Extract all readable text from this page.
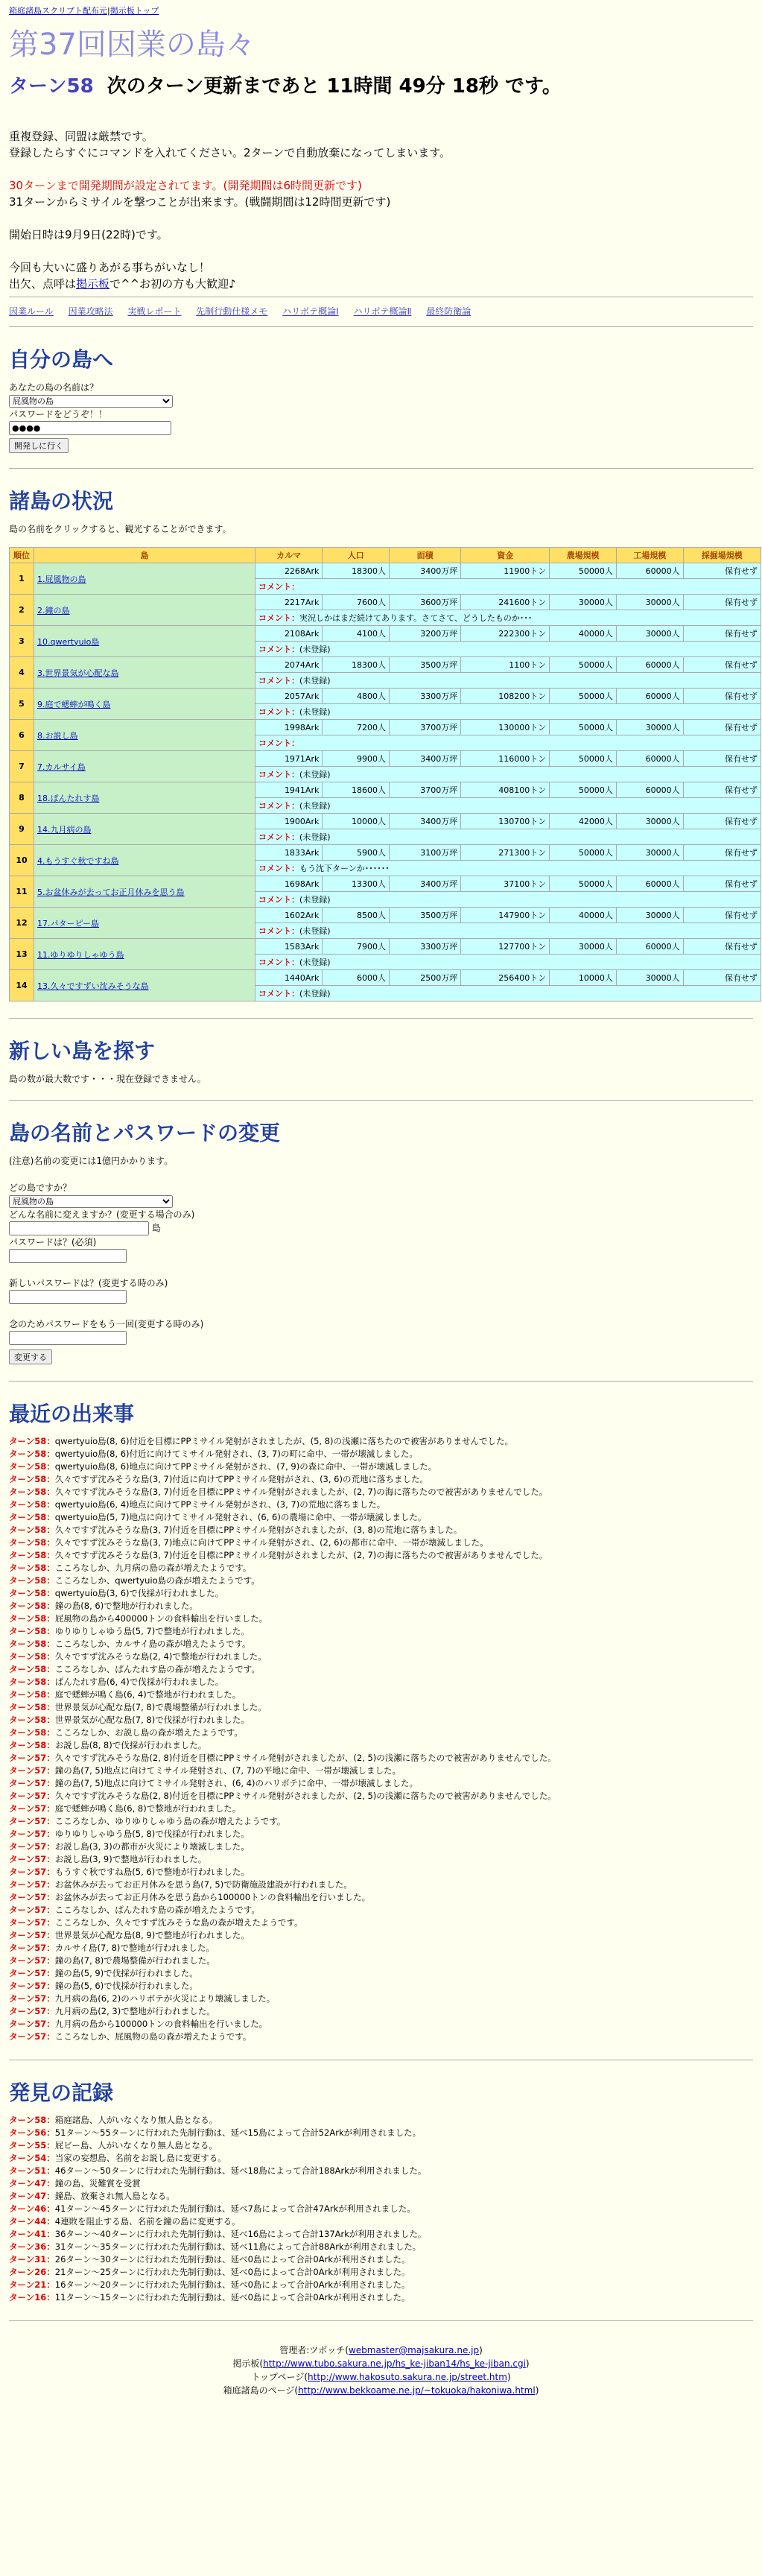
箱庭諸島スクリプト配布元|掲示板トップ
第37回因業の島々
ターン58 次のターン更新まであと 11時間 49分 18秒 です。

重複登録、同盟は厳禁です。

登録したらすぐにコマンドを入れてください。2ターンで自動放棄になってしまいます。

30ターンまで開発期間が設定されてます。(開発期間は6時間更新です)

31ターンからミサイルを撃つことが出来ます。(戦闘期間は12時間更新です)

開始日時は9月9日(22時)です。

今回も大いに盛りあがる事ちがいなし！

出欠、点呼は掲示板で^^お初の方も大歓迎♪

因業ルール 因業攻略法 実戦レポート 先制行動仕様メモ ハリボテ概論Ⅰ ハリボテ概論Ⅱ 最終防衛論
自分の島へ
あなたの島の名前は？
屁風物の島

パスワードをどうぞ！！
●●●●
開発しに行く
諸島の状況

島の名前をクリックすると、観光することができます。

順位	島	カルマ	人口	面積	資金	農場規模	工場規模	採掘場規模
1	1.屁風物の島	2268Ark	18300人	3400万坪	11900トン	50000人	60000人	保有せず
		コメント：						
2	2.鐘の島	2217Ark	7600人	3600万坪	241600トン	30000人	30000人	保有せず
		コメント：実況しかはまだ続けてあります。さてさて、どうしたものか･･･						
3	10.qwertyuio島	2108Ark	4100人	3200万坪	222300トン	40000人	30000人	保有せず
		コメント：(未登録)						
4	3.世界景気が心配な島	2074Ark	18300人	3500万坪	1100トン	50000人	60000人	保有せず
		コメント：(未登録)						
5	9.庭で蟋蟀が鳴く島	2057Ark	4800人	3300万坪	108200トン	50000人	60000人	保有せず
		コメント：(未登録)						
6	8.お説し島	1998Ark	7200人	3700万坪	130000トン	50000人	30000人	保有せず
		コメント：						
7	7.カルサイ島	1971Ark	9900人	3400万坪	116000トン	50000人	60000人	保有せず
		コメント：(未登録)						
8	18.ぱんたれす島	1941Ark	18600人	3700万坪	408100トン	50000人	60000人	保有せず
		コメント：(未登録)						
9	14.九月病の島	1900Ark	10000人	3400万坪	130700トン	42000人	30000人	保有せず
		コメント：(未登録)						
10	4.もうすぐ秋ですね島	1833Ark	5900人	3100万坪	271300トン	50000人	30000人	保有せず
		コメント：もう沈下ターンか･･････						
11	5.お盆休みが去ってお正月休みを思う島	1698Ark	13300人	3400万坪	37100トン	50000人	60000人	保有せず
		コメント：(未登録)						
12	17.パターピー島	1602Ark	8500人	3500万坪	147900トン	40000人	30000人	保有せず
		コメント：(未登録)						
13	11.ゆりゆりしゃゆう島	1583Ark	7900人	3300万坪	127700トン	30000人	60000人	保有せず
		コメント：(未登録)						
14	13.久々ですずい沈みそうな島	1440Ark	6000人	2500万坪	256400トン	10000人	30000人	保有せず
		コメント：(未登録)						
新しい島を探す

島の数が最大数です・・・現在登録できません。

島の名前とパスワードの変更
(注意)名前の変更には1億円かかります。

どの島ですか？
屁風物の島

どんな名前に変えますか？(変更する場合のみ)
島

パスワードは？(必須)

新しいパスワードは？(変更する時のみ)

念のためパスワードをもう一回(変更する時のみ)

変更する
最近の出来事
ターン58：qwertyuio島(8, 6)付近を目標にPPミサイル発射がされましたが、(5, 8)の浅瀬に落ちたので被害がありませんでした。
ターン58：qwertyuio島(8, 6)付近に向けてミサイル発射され、(3, 7)の町に命中、一帯が壊滅しました。
ターン58：qwertyuio島(8, 6)地点に向けてPPミサイル発射がされ、(7, 9)の森に命中、一帯が壊滅しました。
ターン58：久々ですず沈みそうな島(3, 7)付近に向けてPPミサイル発射がされ、(3, 6)の荒地に落ちました。
ターン58：久々ですず沈みそうな島(3, 7)付近を目標にPPミサイル発射がされましたが、(2, 7)の海に落ちたので被害がありませんでした。
ターン58：qwertyuio島(6, 4)地点に向けてPPミサイル発射がされ、(3, 7)の荒地に落ちました。
ターン58：qwertyuio島(5, 7)地点に向けてミサイル発射され、(6, 6)の農場に命中、一帯が壊滅しました。
ターン58：久々ですず沈みそうな島(3, 7)付近を目標にPPミサイル発射がされましたが、(3, 8)の荒地に落ちました。
ターン58：久々ですず沈みそうな島(3, 7)地点に向けてPPミサイル発射がされ、(2, 6)の都市に命中、一帯が壊滅しました。
ターン58：久々ですず沈みそうな島(3, 7)付近を目標にPPミサイル発射がされましたが、(2, 7)の海に落ちたので被害がありませんでした。
ターン58：こころなしか、九月病の島の森が増えたようです。
ターン58：こころなしか、qwertyuio島の森が増えたようです。
ターン58：qwertyuio島(3, 6)で伐採が行われました。
ターン58：鐘の島(8, 6)で整地が行われました。
ターン58：屁風物の島から400000トンの食料輸出を行いました。
ターン58：ゆりゆりしゃゆう島(5, 7)で整地が行われました。
ターン58：こころなしか、カルサイ島の森が増えたようです。
ターン58：久々ですず沈みそうな島(2, 4)で整地が行われました。
ターン58：こころなしか、ぱんたれす島の森が増えたようです。
ターン58：ぱんたれす島(6, 4)で伐採が行われました。
ターン58：庭で蟋蟀が鳴く島(6, 4)で整地が行われました。
ターン58：世界景気が心配な島(7, 8)で農場整備が行われました。
ターン58：世界景気が心配な島(7, 8)で伐採が行われました。
ターン58：こころなしか、お説し島の森が増えたようです。
ターン58：お説し島(8, 8)で伐採が行われました。
ターン57：久々ですず沈みそうな島(2, 8)付近を目標にPPミサイル発射がされましたが、(2, 5)の浅瀬に落ちたので被害がありませんでした。
ターン57：鐘の島(7, 5)地点に向けてミサイル発射され、(7, 7)の平地に命中、一帯が壊滅しました。
ターン57：鐘の島(7, 5)地点に向けてミサイル発射され、(6, 4)のハリボテに命中、一帯が壊滅しました。
ターン57：久々ですず沈みそうな島(2, 8)付近を目標にPPミサイル発射がされましたが、(2, 5)の浅瀬に落ちたので被害がありませんでした。
ターン57：庭で蟋蟀が鳴く島(6, 8)で整地が行われました。
ターン57：こころなしか、ゆりゆりしゃゆう島の森が増えたようです。
ターン57：ゆりゆりしゃゆう島(5, 8)で伐採が行われました。
ターン57：お説し島(3, 3)の都市が火災により壊滅しました。
ターン57：お説し島(3, 9)で整地が行われました。
ターン57：もうすぐ秋ですね島(5, 6)で整地が行われました。
ターン57：お盆休みが去ってお正月休みを思う島(7, 5)で防衛施設建設が行われました。
ターン57：お盆休みが去ってお正月休みを思う島から100000トンの食料輸出を行いました。
ターン57：こころなしか、ぱんたれす島の森が増えたようです。
ターン57：こころなしか、久々ですず沈みそうな島の森が増えたようです。
ターン57：世界景気が心配な島(8, 9)で整地が行われました。
ターン57：カルサイ島(7, 8)で整地が行われました。
ターン57：鐘の島(7, 8)で農場整備が行われました。
ターン57：鐘の島(5, 9)で伐採が行われました。
ターン57：鐘の島(5, 6)で伐採が行われました。
ターン57：九月病の島(6, 2)のハリボテが火災により壊滅しました。
ターン57：九月病の島(2, 3)で整地が行われました。
ターン57：九月病の島から100000トンの食料輸出を行いました。
ターン57：こころなしか、屁風物の島の森が増えたようです。
発見の記録
ターン58：箱庭諸島、人がいなくなり無人島となる。
ターン56：51ターン〜55ターンに行われた先制行動は、延べ15島によって合計52Arkが利用されました。
ターン55：屁ビー島、人がいなくなり無人島となる。
ターン54：当家の妄想島、名前をお説し島に変更する。
ターン51：46ターン〜50ターンに行われた先制行動は、延べ18島によって合計188Arkが利用されました。
ターン47：鐘の島、災難賞を受賞
ターン47：鐘島、放棄され無人島となる。
ターン46：41ターン〜45ターンに行われた先制行動は、延べ7島によって合計47Arkが利用されました。
ターン44：4連敗を阻止する島、名前を鐘の島に変更する。
ターン41：36ターン〜40ターンに行われた先制行動は、延べ16島によって合計137Arkが利用されました。
ターン36：31ターン〜35ターンに行われた先制行動は、延べ11島によって合計88Arkが利用されました。
ターン31：26ターン〜30ターンに行われた先制行動は、延べ0島によって合計0Arkが利用されました。
ターン26：21ターン〜25ターンに行われた先制行動は、延べ0島によって合計0Arkが利用されました。
ターン21：16ターン〜20ターンに行われた先制行動は、延べ0島によって合計0Arkが利用されました。
ターン16：11ターン〜15ターンに行われた先制行動は、延べ0島によって合計0Arkが利用されました。
管理者:ツボッチ(webmaster@majsakura.ne.jp)
掲示板(http://www.tubo.sakura.ne.jp/hs_ke-jiban14/hs_ke-jiban.cgi)
トップページ(http://www.hakosuto.sakura.ne.jp/street.htm)
箱庭諸島のページ(http://www.bekkoame.ne.jp/~tokuoka/hakoniwa.html)
